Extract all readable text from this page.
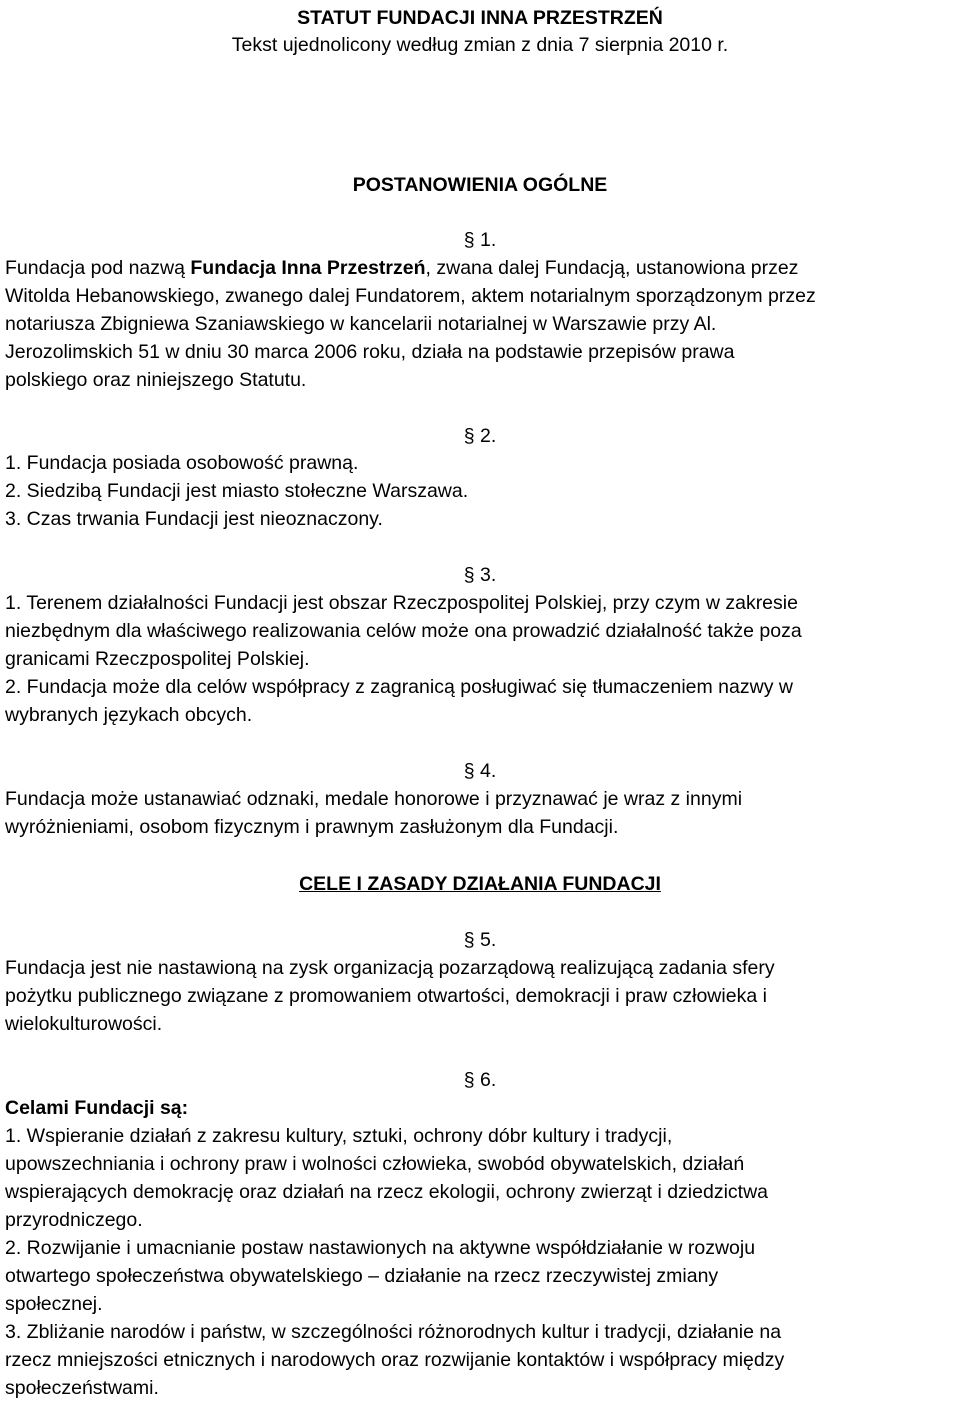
STATUT FUNDACJI INNA PRZESTRZEŃ
Tekst ujednolicony według zmian z dnia 7 sierpnia 2010 r.
POSTANOWIENIA OGÓLNE
§ 1.
Fundacja pod nazwą Fundacja Inna Przestrzeń, zwana dalej Fundacją, ustanowiona przez
Witolda Hebanowskiego, zwanego dalej Fundatorem, aktem notarialnym sporządzonym przez
notariusza Zbigniewa Szaniawskiego w kancelarii notarialnej w Warszawie przy Al.
Jerozolimskich 51 w dniu 30 marca 2006 roku, działa na podstawie przepisów prawa
polskiego oraz niniejszego Statutu.
§ 2.
1. Fundacja posiada osobowość prawną.
2. Siedzibą Fundacji jest miasto stołeczne Warszawa.
3. Czas trwania Fundacji jest nieoznaczony.
§ 3.
1. Terenem działalności Fundacji jest obszar Rzeczpospolitej Polskiej, przy czym w zakresie
niezbędnym dla właściwego realizowania celów może ona prowadzić działalność także poza
granicami Rzeczpospolitej Polskiej.
2. Fundacja może dla celów współpracy z zagranicą posługiwać się tłumaczeniem nazwy w
wybranych językach obcych.
§ 4.
Fundacja może ustanawiać odznaki, medale honorowe i przyznawać je wraz z innymi
wyróżnieniami, osobom fizycznym i prawnym zasłużonym dla Fundacji.
CELE I ZASADY DZIAŁANIA FUNDACJI
§ 5.
Fundacja jest nie nastawioną na zysk organizacją pozarządową realizującą zadania sfery
pożytku publicznego związane z promowaniem otwartości, demokracji i praw człowieka i
wielokulturowości.
§ 6.
Celami Fundacji są:
1. Wspieranie działań z zakresu kultury, sztuki, ochrony dóbr kultury i tradycji,
upowszechniania i ochrony praw i wolności człowieka, swobód obywatelskich, działań
wspierających demokrację oraz działań na rzecz ekologii, ochrony zwierząt i dziedzictwa
przyrodniczego.
2. Rozwijanie i umacnianie postaw nastawionych na aktywne współdziałanie w rozwoju
otwartego społeczeństwa obywatelskiego – działanie na rzecz rzeczywistej zmiany
społecznej.
3. Zbliżanie narodów i państw, w szczególności różnorodnych kultur i tradycji, działanie na
rzecz mniejszości etnicznych i narodowych oraz rozwijanie kontaktów i współpracy między
społeczeństwami.
